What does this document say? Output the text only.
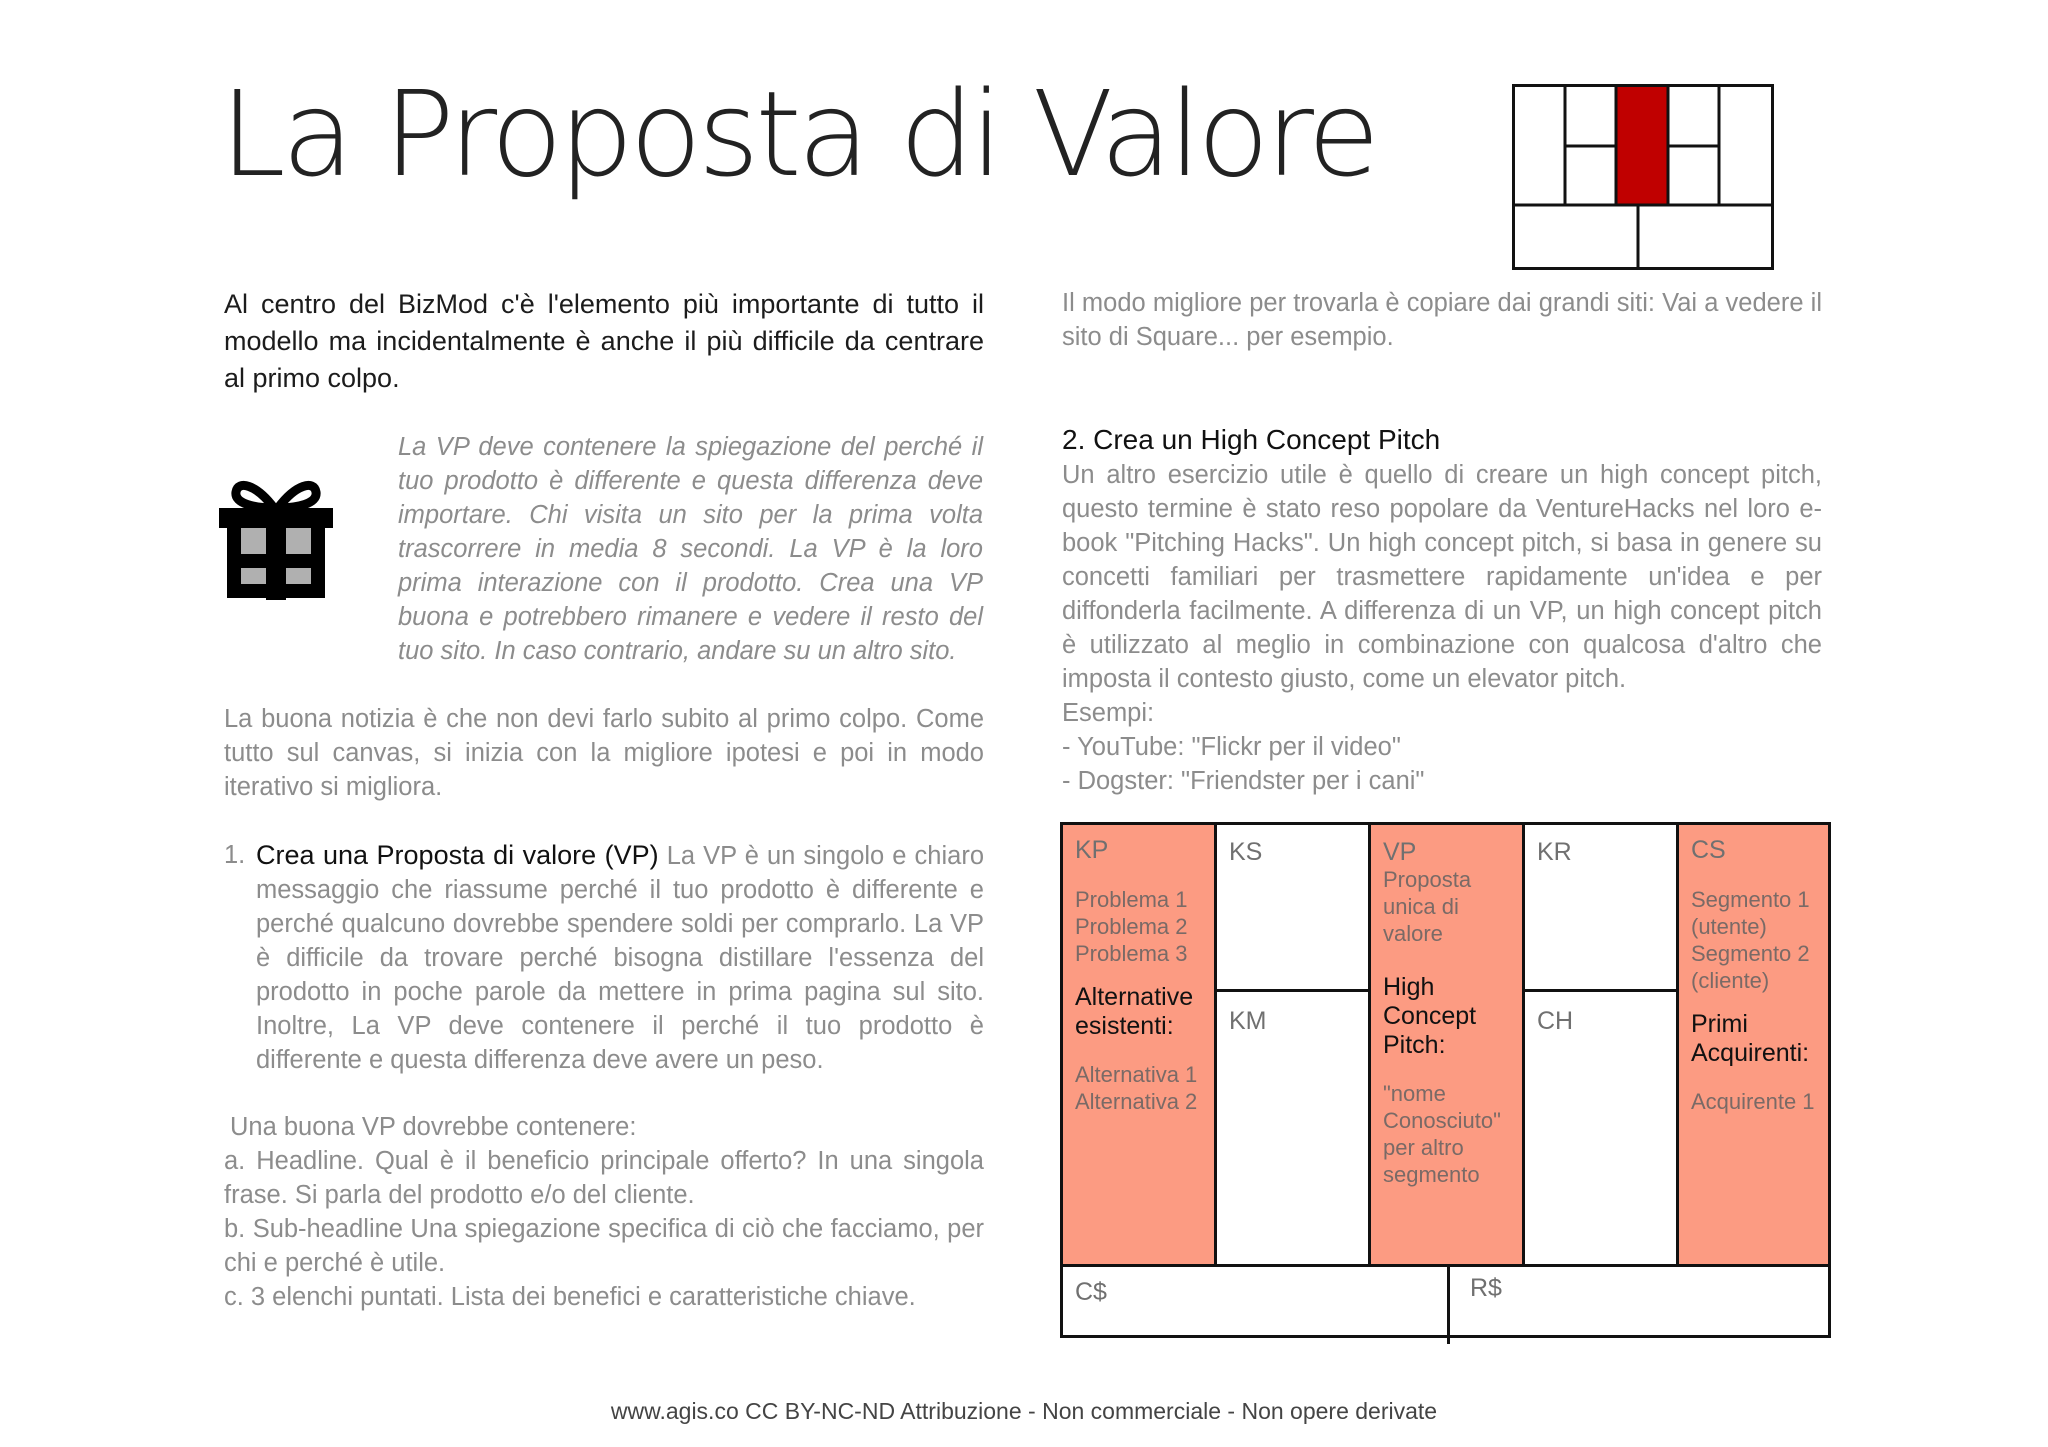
La Proposta di Valore
Al centro del BizMod c'è l'elemento più importante di tutto il modello ma incidentalmente è anche il più difficile da centrare al primo colpo.
La VP deve contenere la spiegazione del perché il tuo prodotto è differente e questa differenza deve importare. Chi visita un sito per la prima volta trascorrere in media 8 secondi. La VP è la loro prima interazione con il prodotto. Crea una VP buona e potrebbero rimanere e vedere il resto del tuo sito. In caso contrario, andare su un altro sito.
La buona notizia è che non devi farlo subito al primo colpo. Come tutto sul canvas, si inizia con la migliore ipotesi e poi in modo iterativo si migliora.
1. Crea una Proposta di valore (VP) La VP è un singolo e chiaro messaggio che riassume perché il tuo prodotto è differente e perché qualcuno dovrebbe spendere soldi per comprarlo. La VP è difficile da trovare perché bisogna distillare l'essenza del prodotto in poche parole da mettere in prima pagina sul sito. Inoltre, La VP deve contenere il perché il tuo prodotto è differente e questa differenza deve avere un peso.
Una buona VP dovrebbe contenere:
a. Headline. Qual è il beneficio principale offerto? In una singola frase. Si parla del prodotto e/o del cliente.
b. Sub-headline Una spiegazione specifica di ciò che facciamo, per chi e perché è utile.
c. 3 elenchi puntati. Lista dei benefici e caratteristiche chiave.
Il modo migliore per trovarla è copiare dai grandi siti: Vai a vedere il sito di Square... per esempio.
2. Crea un High Concept Pitch
Un altro esercizio utile è quello di creare un high concept pitch, questo termine è stato reso popolare da VentureHacks nel loro e-book "Pitching Hacks". Un high concept pitch, si basa in genere su concetti familiari per trasmettere rapidamente un'idea e per diffonderla facilmente. A differenza di un VP, un high concept pitch è utilizzato al meglio in combinazione con qualcosa d'altro che imposta il contesto giusto, come un elevator pitch.
Esempi:
- YouTube: "Flickr per il video"
- Dogster: "Friendster per i cani"
KP
Problema 1
Problema 2
Problema 3
Alternative esistenti:
Alternativa 1
Alternativa 2
KS
KM
VP
Proposta unica di valore
High Concept Pitch:
"nome Conosciuto" per altro segmento
KR
CH
CS
Segmento 1 (utente) Segmento 2 (cliente)
Primi Acquirenti:
Acquirente 1
C$	R$
www.agis.co CC BY-NC-ND Attribuzione - Non commerciale - Non opere derivate
